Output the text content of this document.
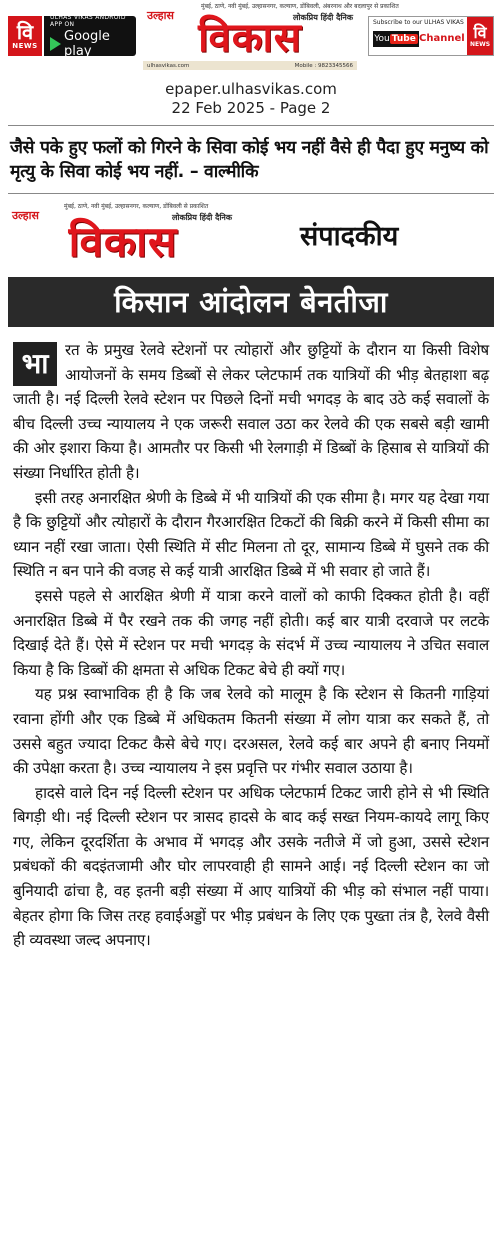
वि
NEWS
ULHAS VIKAS ANDROID APP ON
Google play
मुंबई, ठाणे, नवी मुंबई, उल्हासनगर, कल्याण, डोंबिवली, अंबरनाथ और बदलापुर से प्रकाशित
उल्हास	लोकप्रिय हिंदी दैनिक
विकास
ulhasvikas.com	Mobile : 9823345566
Subscribe to our ULHAS VIKAS
You Tube Channel वि
NEWS
epaper.ulhasvikas.com
22 Feb 2025 - Page 2
जैसे पके हुए फलों को गिरने के सिवा कोई भय नहीं वैसे ही पैदा हुए मनुष्य को मृत्यु के सिवा कोई भय नहीं. – वाल्मीकि
मुंबई, ठाणे, नवी मुंबई, उल्हासनगर, कल्याण, डोंबिवली से प्रकाशित
उल्हास	लोकप्रिय हिंदी दैनिक
विकास	संपादकीय
किसान आंदोलन बेनतीजा

भा	रत के प्रमुख रेलवे स्टेशनों पर त्योहारों और छुट्टियों के दौरान या किसी विशेष आयोजनों के समय डिब्बों से लेकर प्लेटफार्म तक यात्रियों की भीड़ बेतहाशा बढ़ जाती है। नई दिल्ली रेलवे स्टेशन पर पिछले दिनों मची भगदड़ के बाद उठे कई सवालों के बीच दिल्ली उच्च न्यायालय ने एक जरूरी सवाल उठा कर रेलवे की एक सबसे बड़ी खामी की ओर इशारा किया है। आमतौर पर किसी भी रेलगाड़ी में डिब्बों के हिसाब से यात्रियों की संख्या निर्धारित होती है।

इसी तरह अनारक्षित श्रेणी के डिब्बे में भी यात्रियों की एक सीमा है। मगर यह देखा गया है कि छुट्टियों और त्योहारों के दौरान गैरआरक्षित टिकटों की बिक्री करने में किसी सीमा का ध्यान नहीं रखा जाता। ऐसी स्थिति में सीट मिलना तो दूर, सामान्य डिब्बे में घुसने तक की स्थिति न बन पाने की वजह से कई यात्री आरक्षित डिब्बे में भी सवार हो जाते हैं।

इससे पहले से आरक्षित श्रेणी में यात्रा करने वालों को काफी दिक्कत होती है। वहीं अनारक्षित डिब्बे में पैर रखने तक की जगह नहीं होती। कई बार यात्री दरवाजे पर लटके दिखाई देते हैं। ऐसे में स्टेशन पर मची भगदड़ के संदर्भ में उच्च न्यायालय ने उचित सवाल किया है कि डिब्बों की क्षमता से अधिक टिकट बेचे ही क्यों गए।

यह प्रश्न स्वाभाविक ही है कि जब रेलवे को मालूम है कि स्टेशन से कितनी गाड़ियां रवाना होंगी और एक डिब्बे में अधिकतम कितनी संख्या में लोग यात्रा कर सकते हैं, तो उससे बहुत ज्यादा टिकट कैसे बेचे गए। दरअसल, रेलवे कई बार अपने ही बनाए नियमों की उपेक्षा करता है। उच्च न्यायालय ने इस प्रवृत्ति पर गंभीर सवाल उठाया है।

हादसे वाले दिन नई दिल्ली स्टेशन पर अधिक प्लेटफार्म टिकट जारी होने से भी स्थिति बिगड़ी थी। नई दिल्ली स्टेशन पर त्रासद हादसे के बाद कई सख्त नियम-कायदे लागू किए गए, लेकिन दूरदर्शिता के अभाव में भगदड़ और उसके नतीजे में जो हुआ, उससे स्टेशन प्रबंधकों की बदइंतजामी और घोर लापरवाही ही सामने आई। नई दिल्ली स्टेशन का जो बुनियादी ढांचा है, वह इतनी बड़ी संख्या में आए यात्रियों की भीड़ को संभाल नहीं पाया। बेहतर होगा कि जिस तरह हवाईअड्डों पर भीड़ प्रबंधन के लिए एक पुख्ता तंत्र है, रेलवे वैसी ही व्यवस्था जल्द अपनाए।
